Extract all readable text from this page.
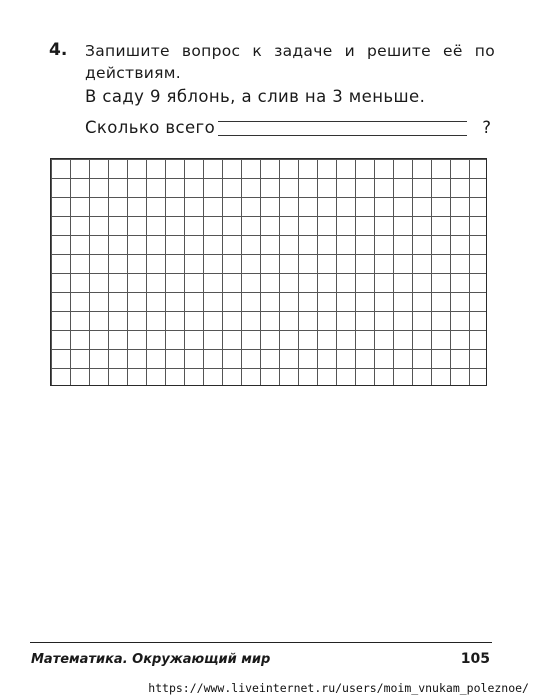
4. Запишите вопрос к задаче и решите её по действиям.
В саду 9 яблонь, а слив на 3 меньше.
Сколько всего	?
Математика. Окружающий мир	105
https://www.liveinternet.ru/users/moim_vnukam_poleznoe/
